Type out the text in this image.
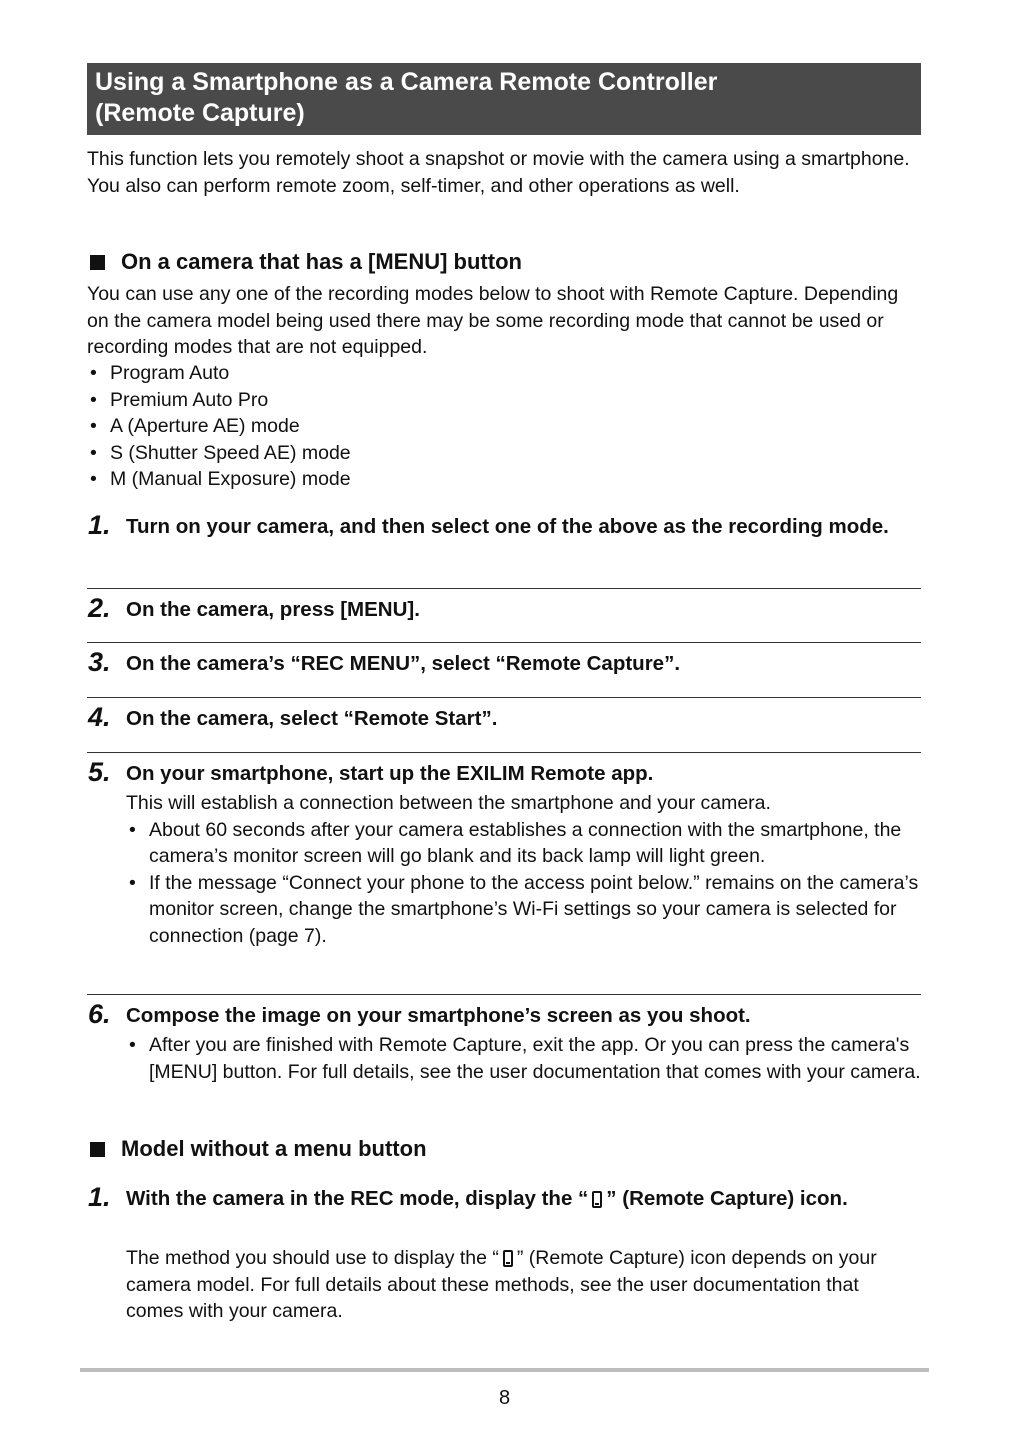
Using a Smartphone as a Camera Remote Controller
(Remote Capture)

This function lets you remotely shoot a snapshot or movie with the camera using a smartphone. You also can perform remote zoom, self-timer, and other operations as well.

On a camera that has a [MENU] button

You can use any one of the recording modes below to shoot with Remote Capture. Depending on the camera model being used there may be some recording mode that cannot be used or recording modes that are not equipped.

• Program Auto
• Premium Auto Pro
• A (Aperture AE) mode
• S (Shutter Speed AE) mode
• M (Manual Exposure) mode
1. Turn on your camera, and then select one of the above as the recording mode.

2. On the camera, press [MENU].

3. On the camera’s “REC MENU”, select “Remote Capture”.

4. On the camera, select “Remote Start”.

5. On your smartphone, start up the EXILIM Remote app.

This will establish a connection between the smartphone and your camera.
• About 60 seconds after your camera establishes a connection with the smartphone, the camera’s monitor screen will go blank and its back lamp will light green.
• If the message “Connect your phone to the access point below.” remains on the camera’s monitor screen, change the smartphone’s Wi-Fi settings so your camera is selected for connection (page 7).
6. Compose the image on your smartphone’s screen as you shoot.

• After you are finished with Remote Capture, exit the app. Or you can press the camera's [MENU] button. For full details, see the user documentation that comes with your camera.
Model without a menu button
1. With the camera in the REC mode, display the “ ” (Remote Capture) icon.

The method you should use to display the “ ” (Remote Capture) icon depends on your camera model. For full details about these methods, see the user documentation that comes with your camera.

8
